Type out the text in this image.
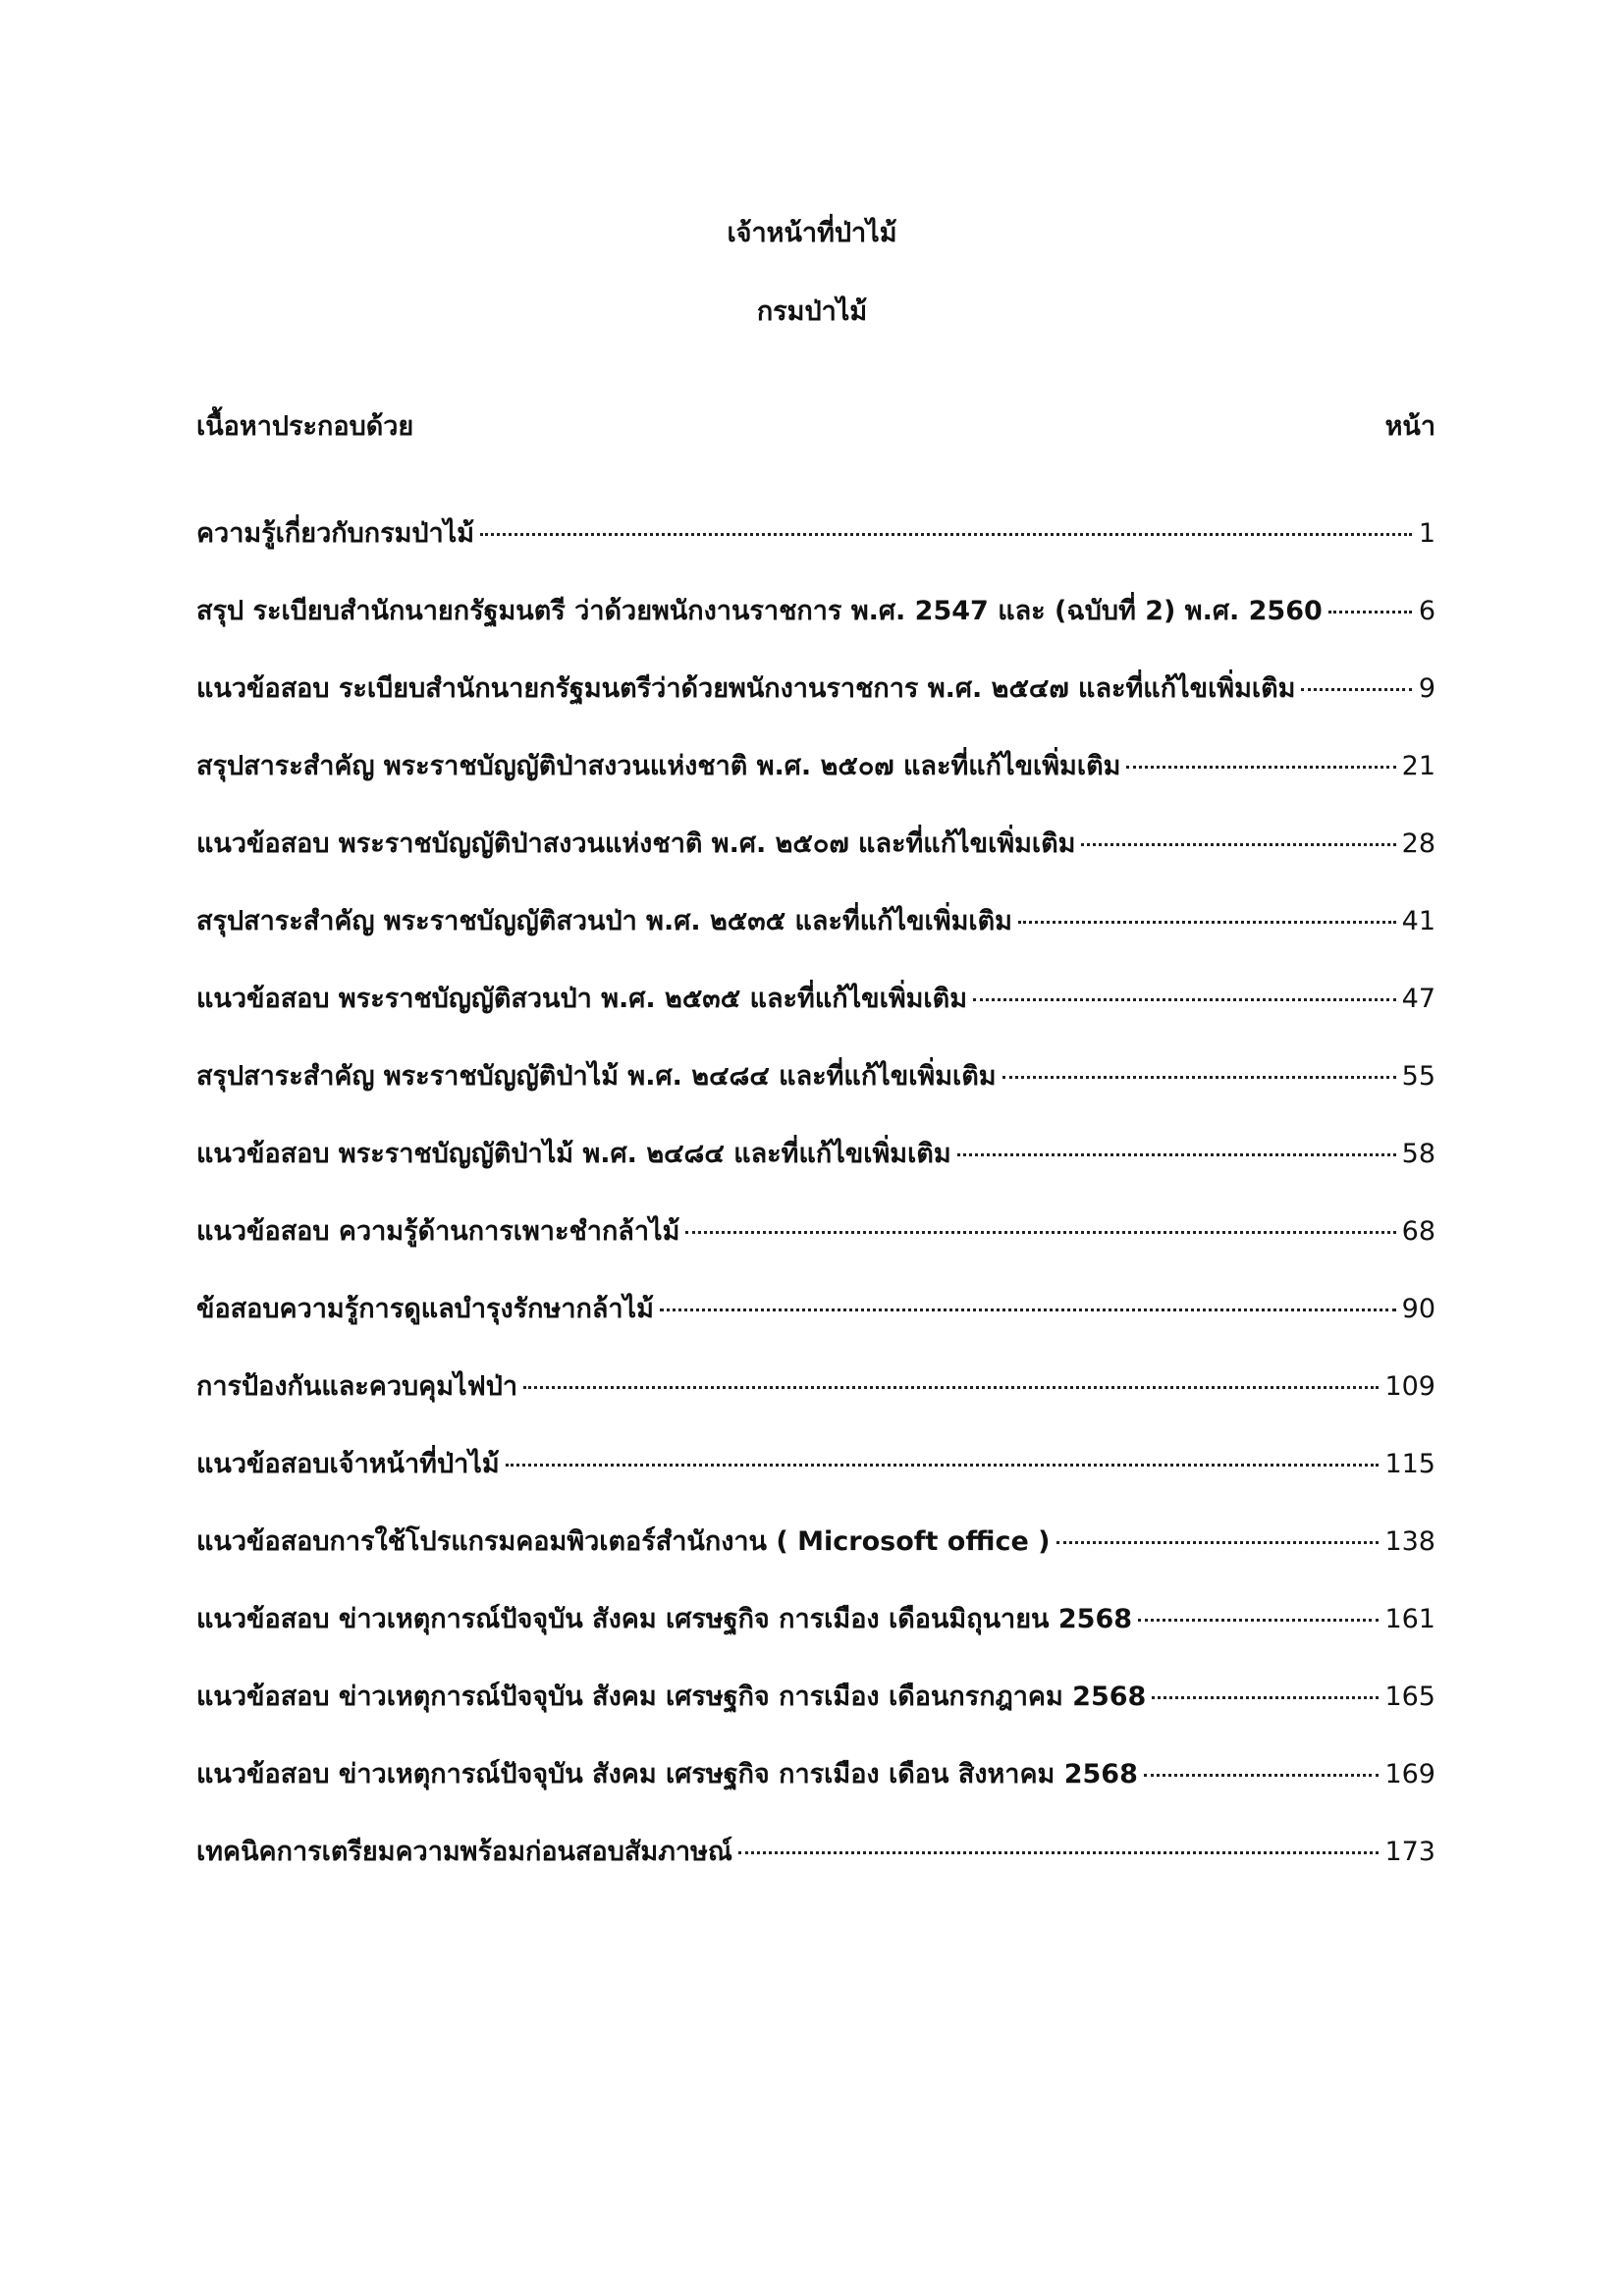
เจ้าหน้าที่ป่าไม้
กรมป่าไม้
เนื้อหาประกอบด้วย	หน้า
ความรู้เกี่ยวกับกรมป่าไม้	1
สรุป ระเบียบสำนักนายกรัฐมนตรี ว่าด้วยพนักงานราชการ พ.ศ. 2547 และ (ฉบับที่ 2) พ.ศ. 2560	6
แนวข้อสอบ ระเบียบสำนักนายกรัฐมนตรีว่าด้วยพนักงานราชการ พ.ศ. ๒๕๔๗ และที่แก้ไขเพิ่มเติม	9
สรุปสาระสำคัญ พระราชบัญญัติป่าสงวนแห่งชาติ พ.ศ. ๒๕๐๗ และที่แก้ไขเพิ่มเติม	21
แนวข้อสอบ พระราชบัญญัติป่าสงวนแห่งชาติ พ.ศ. ๒๕๐๗ และที่แก้ไขเพิ่มเติม	28
สรุปสาระสำคัญ พระราชบัญญัติสวนป่า พ.ศ. ๒๕๓๕ และที่แก้ไขเพิ่มเติม	41
แนวข้อสอบ พระราชบัญญัติสวนป่า พ.ศ. ๒๕๓๕ และที่แก้ไขเพิ่มเติม	47
สรุปสาระสำคัญ พระราชบัญญัติป่าไม้ พ.ศ. ๒๔๘๔ และที่แก้ไขเพิ่มเติม	55
แนวข้อสอบ พระราชบัญญัติป่าไม้ พ.ศ. ๒๔๘๔ และที่แก้ไขเพิ่มเติม	58
แนวข้อสอบ ความรู้ด้านการเพาะชำกล้าไม้	68
ข้อสอบความรู้การดูแลบำรุงรักษากล้าไม้	90
การป้องกันและควบคุมไฟป่า	109
แนวข้อสอบเจ้าหน้าที่ป่าไม้	115
แนวข้อสอบการใช้โปรแกรมคอมพิวเตอร์สำนักงาน ( Microsoft office )	138
แนวข้อสอบ ข่าวเหตุการณ์ปัจจุบัน สังคม เศรษฐกิจ การเมือง เดือนมิถุนายน 2568	161
แนวข้อสอบ ข่าวเหตุการณ์ปัจจุบัน สังคม เศรษฐกิจ การเมือง เดือนกรกฎาคม 2568	165
แนวข้อสอบ ข่าวเหตุการณ์ปัจจุบัน สังคม เศรษฐกิจ การเมือง เดือน สิงหาคม 2568	169
เทคนิคการเตรียมความพร้อมก่อนสอบสัมภาษณ์	173
